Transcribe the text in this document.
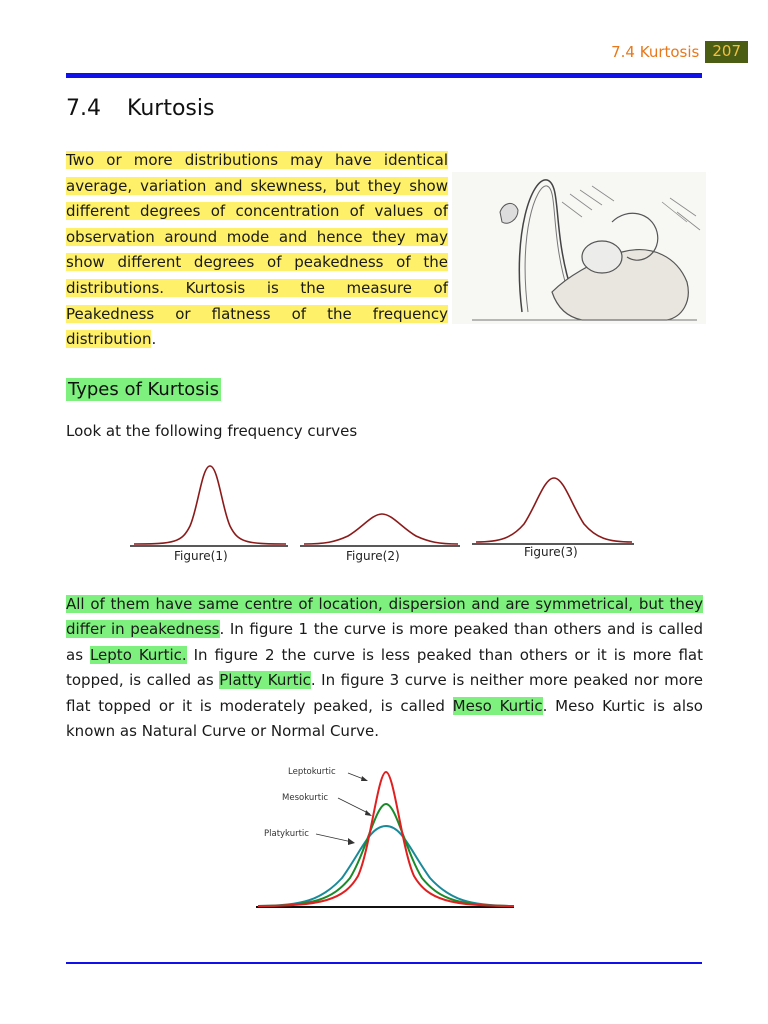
7.4 Kurtosis 207
7.4 Kurtosis
Two or more distributions may have identical average, variation and skewness, but they show different degrees of concentration of values of observation around mode and hence they may show different degrees of peakedness of the distributions. Kurtosis is the measure of Peakedness or flatness of the frequency distribution.
Types of Kurtosis
Look at the following frequency curves
Figure(1)	Figure(2)	Figure(3)
All of them have same centre of location, dispersion and are symmetrical, but they differ in peakedness. In figure 1 the curve is more peaked than others and is called as Lepto Kurtic. In figure 2 the curve is less peaked than others or it is more flat topped, is called as Platty Kurtic. In figure 3 curve is neither more peaked nor more flat topped or it is moderately peaked, is called Meso Kurtic. Meso Kurtic is also known as Natural Curve or Normal Curve.
Leptokurtic
Mesokurtic
Platykurtic
